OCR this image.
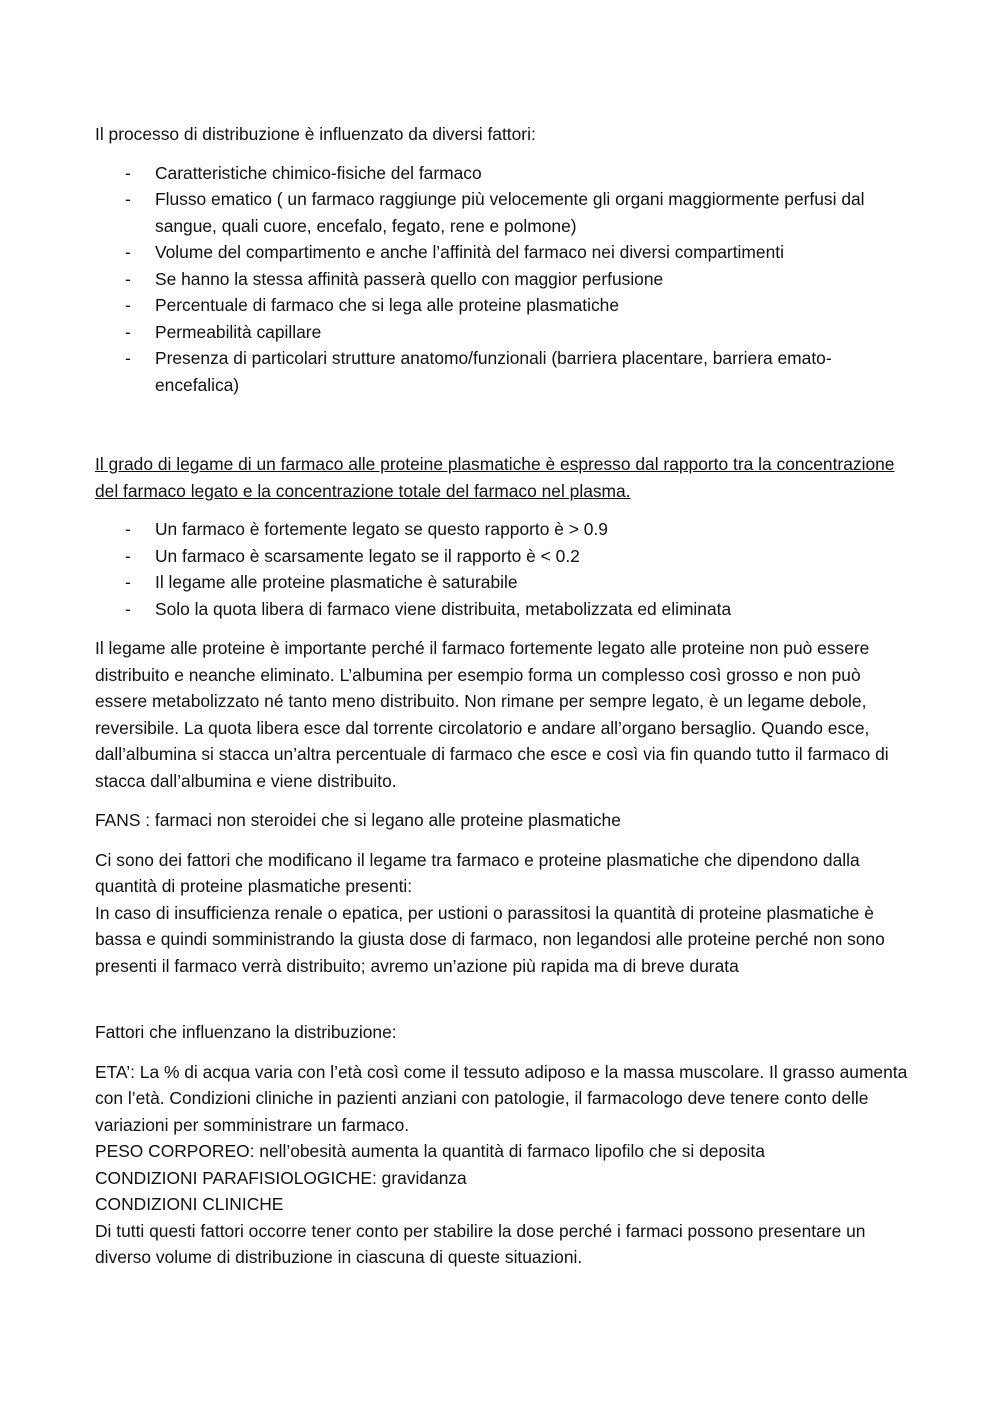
Il processo di distribuzione è influenzato da diversi fattori:

- Caratteristiche chimico-fisiche del farmaco
- Flusso ematico ( un farmaco raggiunge più velocemente gli organi maggiormente perfusi dal sangue, quali cuore, encefalo, fegato, rene e polmone)
- Volume del compartimento e anche l’affinità del farmaco nei diversi compartimenti
- Se hanno la stessa affinità passerà quello con maggior perfusione
- Percentuale di farmaco che si lega alle proteine plasmatiche
- Permeabilità capillare
- Presenza di particolari strutture anatomo/funzionali (barriera placentare, barriera emato-encefalica)

Il grado di legame di un farmaco alle proteine plasmatiche è espresso dal rapporto tra la concentrazione del farmaco legato e la concentrazione totale del farmaco nel plasma.

- Un farmaco è fortemente legato se questo rapporto è > 0.9
- Un farmaco è scarsamente legato se il rapporto è < 0.2
- Il legame alle proteine plasmatiche è saturabile
- Solo la quota libera di farmaco viene distribuita, metabolizzata ed eliminata

Il legame alle proteine è importante perché il farmaco fortemente legato alle proteine non può essere distribuito e neanche eliminato. L’albumina per esempio forma un complesso così grosso e non può essere metabolizzato né tanto meno distribuito. Non rimane per sempre legato, è un legame debole, reversibile. La quota libera esce dal torrente circolatorio e andare all’organo bersaglio. Quando esce, dall’albumina si stacca un’altra percentuale di farmaco che esce e così via fin quando tutto il farmaco di stacca dall’albumina e viene distribuito.

FANS : farmaci non steroidei che si legano alle proteine plasmatiche

Ci sono dei fattori che modificano il legame tra farmaco e proteine plasmatiche che dipendono dalla quantità di proteine plasmatiche presenti:

In caso di insufficienza renale o epatica, per ustioni o parassitosi la quantità di proteine plasmatiche è bassa e quindi somministrando la giusta dose di farmaco, non legandosi alle proteine perché non sono presenti il farmaco verrà distribuito; avremo un’azione più rapida ma di breve durata

Fattori che influenzano la distribuzione:

ETA’: La % di acqua varia con l’età così come il tessuto adiposo e la massa muscolare. Il grasso aumenta con l’età. Condizioni cliniche in pazienti anziani con patologie, il farmacologo deve tenere conto delle variazioni per somministrare un farmaco.

PESO CORPOREO: nell’obesità aumenta la quantità di farmaco lipofilo che si deposita

CONDIZIONI PARAFISIOLOGICHE: gravidanza

CONDIZIONI CLINICHE

Di tutti questi fattori occorre tener conto per stabilire la dose perché i farmaci possono presentare un diverso volume di distribuzione in ciascuna di queste situazioni.
